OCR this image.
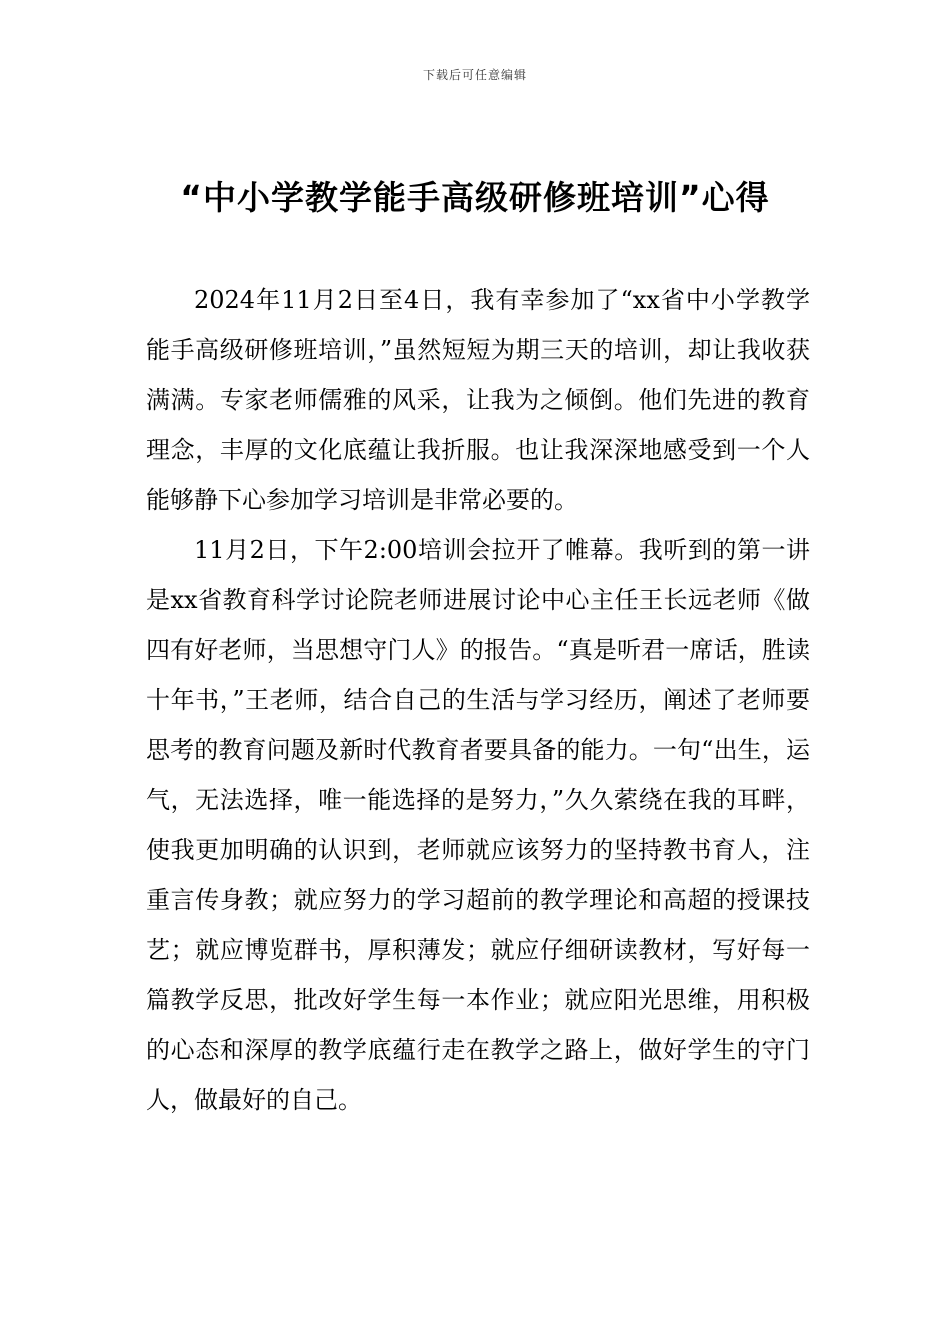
下载后可任意编辑
“中小学教学能手高级研修班培训”心得

2024年11月2日至4日，我有幸参加了“xx省中小学教学能手高级研修班培训，”虽然短短为期三天的培训，却让我收获满满。专家老师儒雅的风采，让我为之倾倒。他们先进的教育理念，丰厚的文化底蕴让我折服。也让我深深地感受到一个人能够静下心参加学习培训是非常必要的。

11月2日，下午2:00培训会拉开了帷幕。我听到的第一讲是xx省教育科学讨论院老师进展讨论中心主任王长远老师《做四有好老师，当思想守门人》的报告。“真是听君一席话，胜读十年书，”王老师，结合自己的生活与学习经历，阐述了老师要思考的教育问题及新时代教育者要具备的能力。一句“出生，运气，无法选择，唯一能选择的是努力，”久久萦绕在我的耳畔，使我更加明确的认识到，老师就应该努力的坚持教书育人，注重言传身教；就应努力的学习超前的教学理论和高超的授课技艺；就应博览群书，厚积薄发；就应仔细研读教材，写好每一篇教学反思，批改好学生每一本作业；就应阳光思维，用积极的心态和深厚的教学底蕴行走在教学之路上，做好学生的守门人，做最好的自己。
